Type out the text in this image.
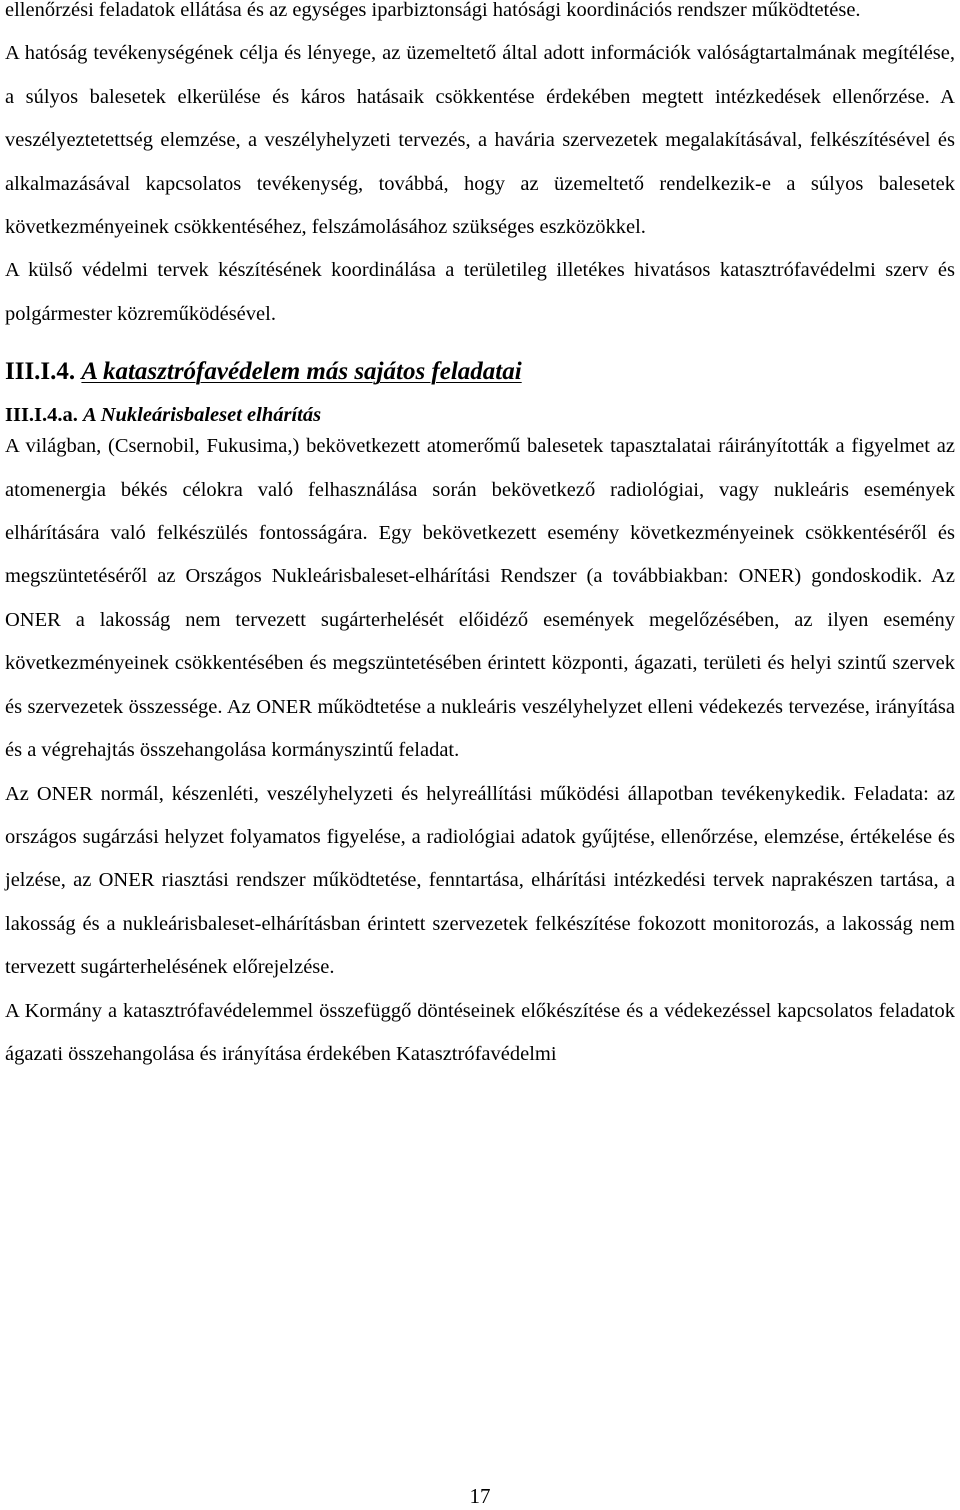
ellenőrzési feladatok ellátása és az egységes iparbiztonsági hatósági koordinációs rendszer működtetése.

A hatóság tevékenységének célja és lényege, az üzemeltető által adott információk valóságtartalmának megítélése, a súlyos balesetek elkerülése és káros hatásaik csökkentése érdekében megtett intézkedések ellenőrzése. A veszélyeztetettség elemzése, a veszélyhelyzeti tervezés, a havária szervezetek megalakításával, felkészítésével és alkalmazásával kapcsolatos tevékenység, továbbá, hogy az üzemeltető rendelkezik-e a súlyos balesetek következményeinek csökkentéséhez, felszámolásához szükséges eszközökkel.

A külső védelmi tervek készítésének koordinálása a területileg illetékes hivatásos katasztrófavédelmi szerv és polgármester közreműködésével.

III.I.4. A katasztrófavédelem más sajátos feladatai
III.I.4.a. A Nukleárisbaleset elhárítás

A világban, (Csernobil, Fukusima,) bekövetkezett atomerőmű balesetek tapasztalatai ráirányították a figyelmet az atomenergia békés célokra való felhasználása során bekövetkező radiológiai, vagy nukleáris események elhárítására való felkészülés fontosságára. Egy bekövetkezett esemény következményeinek csökkentéséről és megszüntetéséről az Országos Nukleárisbaleset-elhárítási Rendszer (a továbbiakban: ONER) gondoskodik. Az ONER a lakosság nem tervezett sugárterhelését előidéző események megelőzésében, az ilyen esemény következményeinek csökkentésében és megszüntetésében érintett központi, ágazati, területi és helyi szintű szervek és szervezetek összessége. Az ONER működtetése a nukleáris veszélyhelyzet elleni védekezés tervezése, irányítása és a végrehajtás összehangolása kormányszintű feladat.

Az ONER normál, készenléti, veszélyhelyzeti és helyreállítási működési állapotban tevékenykedik. Feladata: az országos sugárzási helyzet folyamatos figyelése, a radiológiai adatok gyűjtése, ellenőrzése, elemzése, értékelése és jelzése, az ONER riasztási rendszer működtetése, fenntartása, elhárítási intézkedési tervek naprakészen tartása, a lakosság és a nukleárisbaleset-elhárításban érintett szervezetek felkészítése fokozott monitorozás, a lakosság nem tervezett sugárterhelésének előrejelzése.

A Kormány a katasztrófavédelemmel összefüggő döntéseinek előkészítése és a védekezéssel kapcsolatos feladatok ágazati összehangolása és irányítása érdekében Katasztrófavédelmi

17
